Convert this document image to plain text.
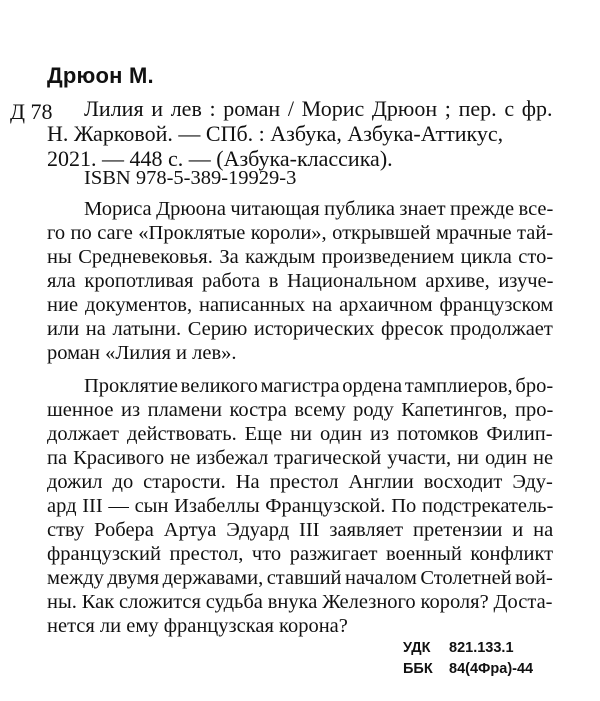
Дрюон М.

Д 78 Лилия и лев : роман / Морис Дрюон ; пер. с фр.

Н. Жарковой. — СПб. : Азбука, Азбука-Аттикус,

2021. — 448 с. — (Азбука-классика).

ISBN 978-5-389-19929-3

Мориса Дрюона читающая публика знает прежде все-

го по саге «Проклятые короли», открывшей мрачные тай-

ны Средневековья. За каждым произведением цикла сто-

яла кропотливая работа в Национальном архиве, изуче-

ние документов, написанных на архаичном французском

или на латыни. Серию исторических фресок продолжает

роман «Лилия и лев».

Проклятие великого магистра ордена тамплиеров, бро-

шенное из пламени костра всему роду Капетингов, про-

должает действовать. Еще ни один из потомков Филип-

па Красивого не избежал трагической участи, ни один не

дожил до старости. На престол Англии восходит Эду-

ард III — сын Изабеллы Французской. По подстрекатель-

ству Робера Артуа Эдуард III заявляет претензии и на

французский престол, что разжигает военный конфликт

между двумя державами, ставший началом Столетней вой-

ны. Как сложится судьба внука Железного короля? Доста-

нется ли ему французская корона?

УДК 821.133.1

ББК 84(4Фра)-44
